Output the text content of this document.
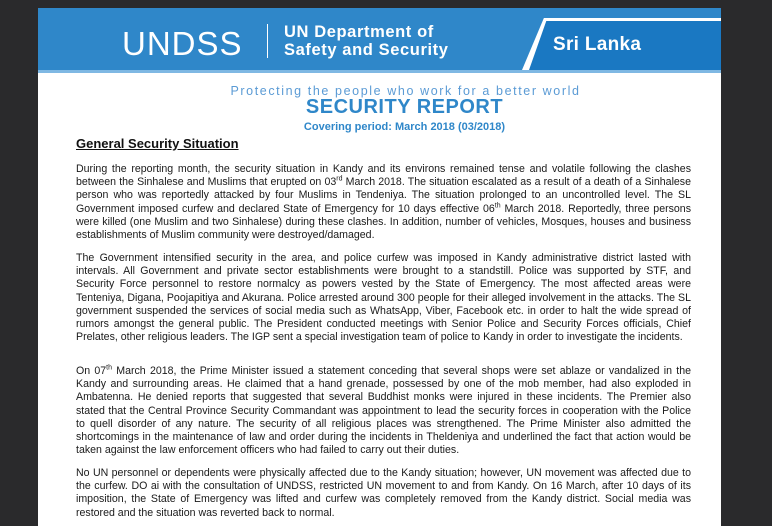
UNDSS	UN Department of
Safety and Security	Sri Lanka
Protecting the people who work for a better world
SECURITY REPORT
Covering period: March 2018 (03/2018)
General Security Situation

During the reporting month, the security situation in Kandy and its environs remained tense and volatile following the clashes between the Sinhalese and Muslims that erupted on 03rd March 2018. The situation escalated as a result of a death of a Sinhalese person who was reportedly attacked by four Muslims in Tendeniya. The situation prolonged to an uncontrolled level. The SL Government imposed curfew and declared State of Emergency for 10 days effective 06th March 2018. Reportedly, three persons were killed (one Muslim and two Sinhalese) during these clashes. In addition, number of vehicles, Mosques, houses and business establishments of Muslim community were destroyed/damaged.

The Government intensified security in the area, and police curfew was imposed in Kandy administrative district lasted with intervals. All Government and private sector establishments were brought to a standstill. Police was supported by STF, and Security Force personnel to restore normalcy as powers vested by the State of Emergency. The most affected areas were Tenteniya, Digana, Poojapitiya and Akurana. Police arrested around 300 people for their alleged involvement in the attacks. The SL government suspended the services of social media such as WhatsApp, Viber, Facebook etc. in order to halt the wide spread of rumors amongst the general public. The President conducted meetings with Senior Police and Security Forces officials, Chief Prelates, other religious leaders. The IGP sent a special investigation team of police to Kandy in order to investigate the incidents.

On 07th March 2018, the Prime Minister issued a statement conceding that several shops were set ablaze or vandalized in the Kandy and surrounding areas. He claimed that a hand grenade, possessed by one of the mob member, had also exploded in Ambatenna. He denied reports that suggested that several Buddhist monks were injured in these incidents. The Premier also stated that the Central Province Security Commandant was appointment to lead the security forces in cooperation with the Police to quell disorder of any nature. The security of all religious places was strengthened. The Prime Minister also admitted the shortcomings in the maintenance of law and order during the incidents in Theldeniya and underlined the fact that action would be taken against the law enforcement officers who had failed to carry out their duties.

No UN personnel or dependents were physically affected due to the Kandy situation; however, UN movement was affected due to the curfew. DO ai with the consultation of UNDSS, restricted UN movement to and from Kandy. On 16 March, after 10 days of its imposition, the State of Emergency was lifted and curfew was completely removed from the Kandy district. Social media was restored and the situation was reverted back to normal.
